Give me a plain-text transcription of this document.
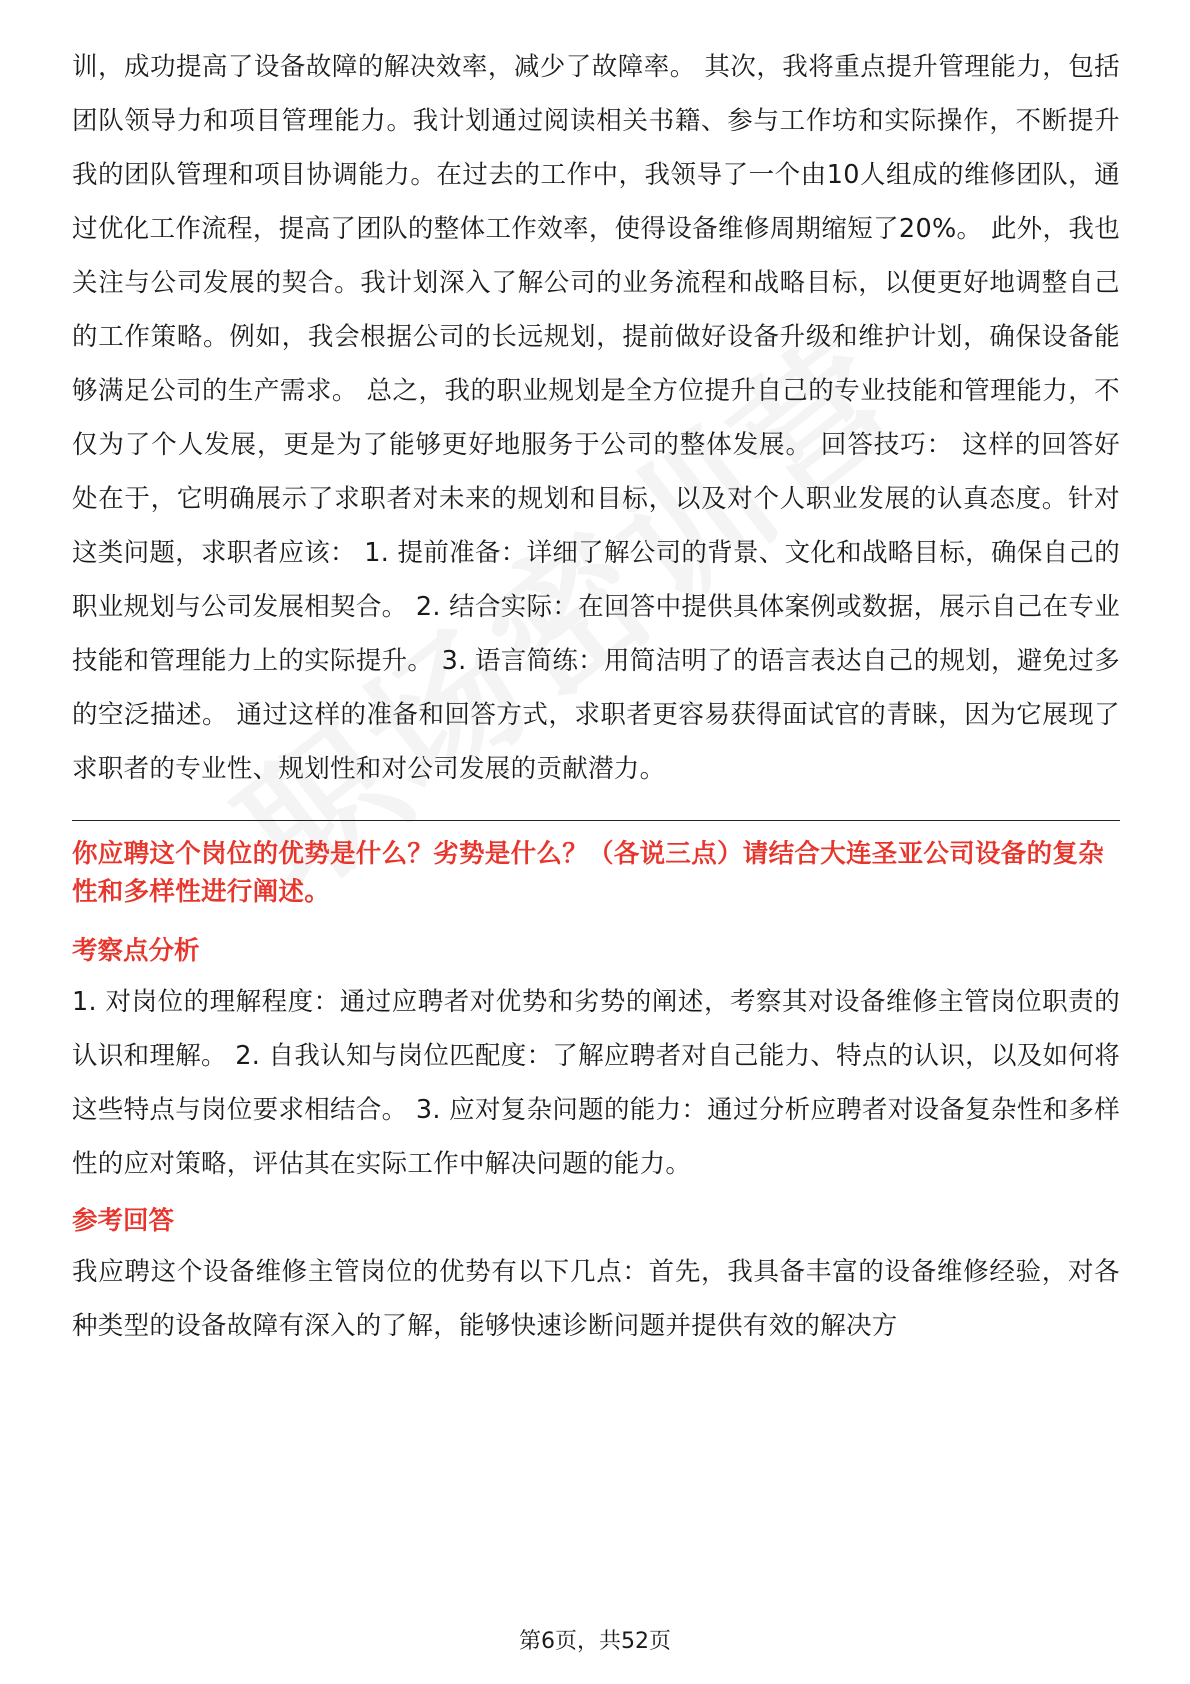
训，成功提高了设备故障的解决效率，减少了故障率。 其次，我将重点提升管理能力，包括团队领导力和项目管理能力。我计划通过阅读相关书籍、参与工作坊和实际操作，不断提升我的团队管理和项目协调能力。在过去的工作中，我领导了一个由10人组成的维修团队，通过优化工作流程，提高了团队的整体工作效率，使得设备维修周期缩短了20%。 此外，我也关注与公司发展的契合。我计划深入了解公司的业务流程和战略目标，以便更好地调整自己的工作策略。例如，我会根据公司的长远规划，提前做好设备升级和维护计划，确保设备能够满足公司的生产需求。 总之，我的职业规划是全方位提升自己的专业技能和管理能力，不仅为了个人发展，更是为了能够更好地服务于公司的整体发展。 回答技巧： 这样的回答好处在于，它明确展示了求职者对未来的规划和目标，以及对个人职业发展的认真态度。针对这类问题，求职者应该： 1. 提前准备：详细了解公司的背景、文化和战略目标，确保自己的职业规划与公司发展相契合。 2. 结合实际：在回答中提供具体案例或数据，展示自己在专业技能和管理能力上的实际提升。 3. 语言简练：用简洁明了的语言表达自己的规划，避免过多的空泛描述。 通过这样的准备和回答方式，求职者更容易获得面试官的青睐，因为它展现了求职者的专业性、规划性和对公司发展的贡献潜力。

你应聘这个岗位的优势是什么？劣势是什么？（各说三点）请结合大连圣亚公司设备的复杂性和多样性进行阐述。

考察点分析

1. 对岗位的理解程度：通过应聘者对优势和劣势的阐述，考察其对设备维修主管岗位职责的认识和理解。 2. 自我认知与岗位匹配度：了解应聘者对自己能力、特点的认识，以及如何将这些特点与岗位要求相结合。 3. 应对复杂问题的能力：通过分析应聘者对设备复杂性和多样性的应对策略，评估其在实际工作中解决问题的能力。

参考回答

我应聘这个设备维修主管岗位的优势有以下几点：首先，我具备丰富的设备维修经验，对各种类型的设备故障有深入的了解，能够快速诊断问题并提供有效的解决方

第6页，共52页
